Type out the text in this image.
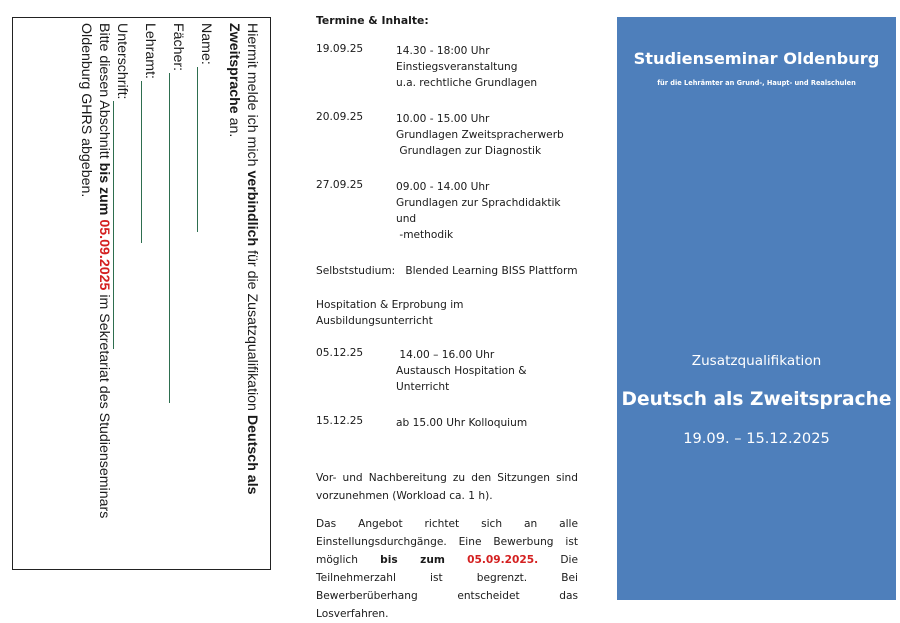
Hiermit melde ich mich verbindlich für die Zusatzqualifikation Deutsch als Zweitsprache an.

Name:
Fächer:
Lehramt:
Unterschrift:

Bitte diesen Abschnitt bis zum 05.09.2025 im Sekretariat des Studienseminars Oldenburg GHRS abgeben.

Termine & Inhalte:

19.09.25	14.30 - 18:00 Uhr
Einstiegsveranstaltung
u.a. rechtliche Grundlagen
20.09.25	10.00 - 15.00 Uhr
Grundlagen Zweitspracherwerb
Grundlagen zur Diagnostik
27.09.25	09.00 - 14.00 Uhr
Grundlagen zur Sprachdidaktik und
-methodik

Selbststudium:   Blended Learning BISS Plattform

Hospitation & Erprobung im Ausbildungsunterricht

05.12.25	14.00 – 16.00 Uhr
Austausch Hospitation & Unterricht
15.12.25	ab 15.00 Uhr Kolloquium

Vor- und Nachbereitung zu den Sitzungen sind vorzunehmen (Workload ca. 1 h).

Das Angebot richtet sich an alle Einstellungsdurchgänge. Eine Bewerbung ist möglich bis zum 05.09.2025. Die Teilnehmerzahl ist begrenzt. Bei Bewerberüberhang entscheidet das Losverfahren.

Studienseminar Oldenburg
für die Lehrämter an Grund-, Haupt- und Realschulen
Zusatzqualifikation
Deutsch als Zweitsprache
19.09. – 15.12.2025
